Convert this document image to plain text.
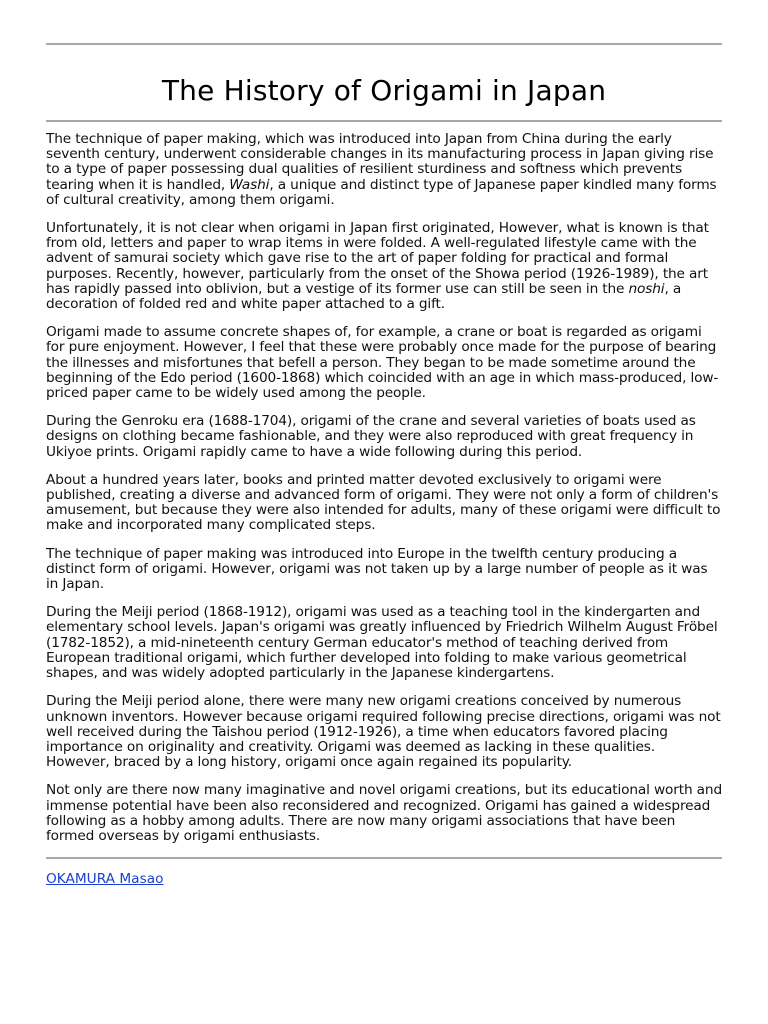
The History of Origami in Japan

The technique of paper making, which was introduced into Japan from China during the early seventh century, underwent considerable changes in its manufacturing process in Japan giving rise to a type of paper possessing dual qualities of resilient sturdiness and softness which prevents tearing when it is handled, Washi, a unique and distinct type of Japanese paper kindled many forms of cultural creativity, among them origami.

Unfortunately, it is not clear when origami in Japan first originated, However, what is known is that from old, letters and paper to wrap items in were folded. A well-regulated lifestyle came with the advent of samurai society which gave rise to the art of paper folding for practical and formal purposes. Recently, however, particularly from the onset of the Showa period (1926-1989), the art has rapidly passed into oblivion, but a vestige of its former use can still be seen in the noshi, a decoration of folded red and white paper attached to a gift.

Origami made to assume concrete shapes of, for example, a crane or boat is regarded as origami for pure enjoyment. However, I feel that these were probably once made for the purpose of bearing the illnesses and misfortunes that befell a person. They began to be made sometime around the beginning of the Edo period (1600-1868) which coincided with an age in which mass-produced, low-priced paper came to be widely used among the people.

During the Genroku era (1688-1704), origami of the crane and several varieties of boats used as designs on clothing became fashionable, and they were also reproduced with great frequency in Ukiyoe prints. Origami rapidly came to have a wide following during this period.

About a hundred years later, books and printed matter devoted exclusively to origami were published, creating a diverse and advanced form of origami. They were not only a form of children's amusement, but because they were also intended for adults, many of these origami were difficult to make and incorporated many complicated steps.

The technique of paper making was introduced into Europe in the twelfth century producing a distinct form of origami. However, origami was not taken up by a large number of people as it was in Japan.

During the Meiji period (1868-1912), origami was used as a teaching tool in the kindergarten and elementary school levels. Japan's origami was greatly influenced by Friedrich Wilhelm August Fröbel (1782-1852), a mid-nineteenth century German educator's method of teaching derived from European traditional origami, which further developed into folding to make various geometrical shapes, and was widely adopted particularly in the Japanese kindergartens.

During the Meiji period alone, there were many new origami creations conceived by numerous unknown inventors. However because origami required following precise directions, origami was not well received during the Taishou period (1912-1926), a time when educators favored placing importance on originality and creativity. Origami was deemed as lacking in these qualities. However, braced by a long history, origami once again regained its popularity.

Not only are there now many imaginative and novel origami creations, but its educational worth and immense potential have been also reconsidered and recognized. Origami has gained a widespread following as a hobby among adults. There are now many origami associations that have been formed overseas by origami enthusiasts.

OKAMURA Masao
